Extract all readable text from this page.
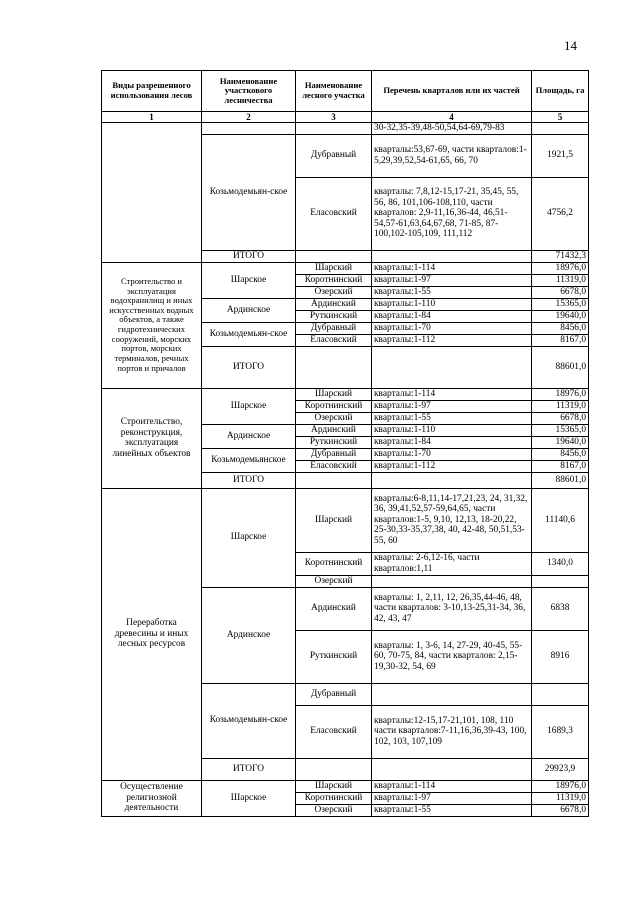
14
Виды разрешенного использования лесов	Наименование участкового лесничества	Наименование лесного участка	Перечень кварталов или их частей	Площадь, га
1	2	3	4	5
			30-32,35-39,48-50,54,64-69,79-83	
	Козьмодемьян-ское	Дубравный	кварталы:53,67-69, части кварталов:1-5,29,39,52,54-61,65, 66, 70	1921,5
		Еласовский	кварталы: 7,8,12-15,17-21, 35,45, 55, 56, 86, 101,106-108,110, части кварталов: 2,9-11,16,36-44, 46,51-54,57-61,63,64,67,68, 71-85, 87-100,102-105,109, 111,112	4756,2
	ИТОГО			71432,3
Строительство и эксплуатация водохранилищ и иных искусственных водных объектов, а также гидротехнических сооружений, морских портов, морских терминалов, речных портов и причалов	Шарское	Шарский	кварталы:1-114	18976,0
		Коротнинский	кварталы:1-97	11319,0
		Озерский	кварталы:1-55	6678,0
	Ардинское	Ардинский	кварталы:1-110	15365,0
		Руткинский	кварталы:1-84	19640,0
	Козьмодемьян-ское	Дубравный	кварталы:1-70	8456,0
		Еласовский	кварталы:1-112	8167,0
	ИТОГО			88601,0
Строительство, реконструкция, эксплуатация линейных объектов	Шарское	Шарский	кварталы:1-114	18976,0
		Коротнинский	кварталы:1-97	11319,0
		Озерский	кварталы:1-55	6678,0
	Ардинское	Ардинский	кварталы:1-110	15365,0
		Руткинский	кварталы:1-84	19640,0
	Козьмодемьянское	Дубравный	кварталы:1-70	8456,0
		Еласовский	кварталы:1-112	8167,0
	ИТОГО			88601,0
Переработка древесины и иных лесных ресурсов	Шарское	Шарский	кварталы:6-8,11,14-17,21,23, 24, 31,32, 36, 39,41,52,57-59,64,65, части кварталов:1-5, 9,10, 12,13, 18-20,22, 25-30,33-35,37,38, 40, 42-48, 50,51,53-55, 60	11140,6
		Коротнинский	кварталы: 2-6,12-16, части кварталов:1,11	1340,0
		Озерский		
	Ардинское	Ардинский	кварталы: 1, 2,11, 12, 26,35,44-46, 48, части кварталов: 3-10,13-25,31-34, 36, 42, 43, 47	6838
		Руткинский	кварталы: 1, 3-6, 14, 27-29, 40-45, 55-60, 70-75, 84, части кварталов: 2,15-19,30-32, 54, 69	8916
	Козьмодемьян-ское	Дубравный		
		Еласовский	кварталы:12-15,17-21,101, 108, 110 части кварталов:7-11,16,36,39-43, 100, 102, 103, 107,109	1689,3
	ИТОГО			29923,9
Осуществление религиозной деятельности	Шарское	Шарский	кварталы:1-114	18976,0
		Коротнинский	кварталы:1-97	11319,0
		Озерский	кварталы:1-55	6678,0
